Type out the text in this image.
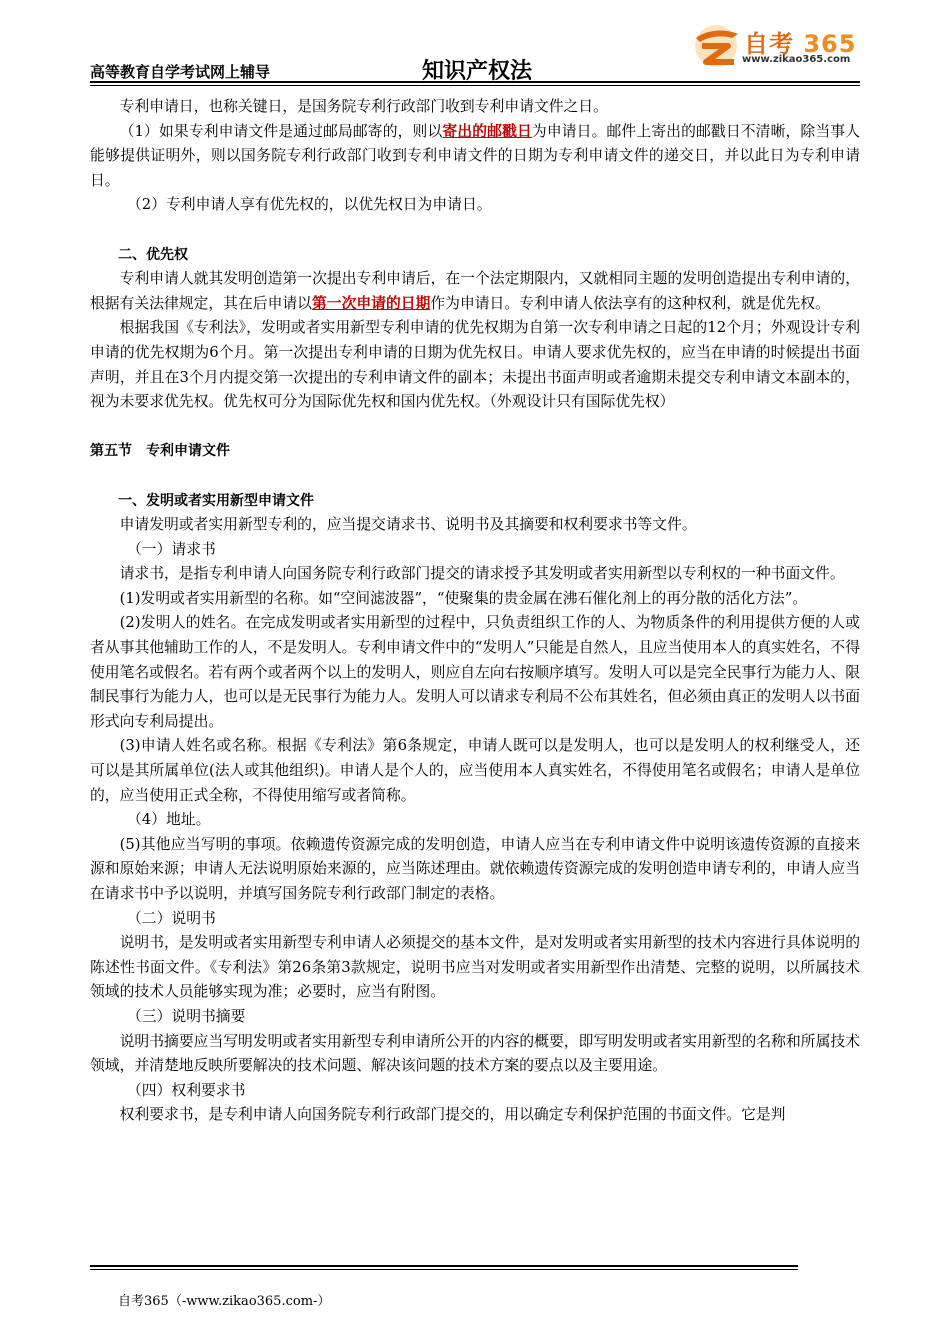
高等教育自学考试网上辅导	知识产权法
自考 365
www.zikao365.com

专利申请日，也称关键日，是国务院专利行政部门收到专利申请文件之日。

（1）如果专利申请文件是通过邮局邮寄的，则以寄出的邮戳日为申请日。邮件上寄出的邮戳日不清晰，除当事人能够提供证明外，则以国务院专利行政部门收到专利申请文件的日期为专利申请文件的递交日，并以此日为专利申请日。

（2）专利申请人享有优先权的，以优先权日为申请日。

二、优先权

专利申请人就其发明创造第一次提出专利申请后，在一个法定期限内，又就相同主题的发明创造提出专利申请的，根据有关法律规定，其在后申请以第一次申请的日期作为申请日。专利申请人依法享有的这种权利，就是优先权。

根据我国《专利法》，发明或者实用新型专利申请的优先权期为自第一次专利申请之日起的12个月；外观设计专利申请的优先权期为6个月。第一次提出专利申请的日期为优先权日。申请人要求优先权的，应当在申请的时候提出书面声明，并且在3个月内提交第一次提出的专利申请文件的副本；未提出书面声明或者逾期未提交专利申请文本副本的，视为未要求优先权。优先权可分为国际优先权和国内优先权。（外观设计只有国际优先权）

第五节　专利申请文件

一、发明或者实用新型申请文件

申请发明或者实用新型专利的，应当提交请求书、说明书及其摘要和权利要求书等文件。

（一）请求书

请求书，是指专利申请人向国务院专利行政部门提交的请求授予其发明或者实用新型以专利权的一种书面文件。

(1)发明或者实用新型的名称。如“空间滤波器”，“使聚集的贵金属在沸石催化剂上的再分散的活化方法”。

(2)发明人的姓名。在完成发明或者实用新型的过程中，只负责组织工作的人、为物质条件的利用提供方便的人或者从事其他辅助工作的人，不是发明人。专利申请文件中的“发明人”只能是自然人，且应当使用本人的真实姓名，不得使用笔名或假名。若有两个或者两个以上的发明人，则应自左向右按顺序填写。发明人可以是完全民事行为能力人、限制民事行为能力人，也可以是无民事行为能力人。发明人可以请求专利局不公布其姓名，但必须由真正的发明人以书面形式向专利局提出。

(3)申请人姓名或名称。根据《专利法》第6条规定，申请人既可以是发明人，也可以是发明人的权利继受人，还可以是其所属单位(法人或其他组织)。申请人是个人的，应当使用本人真实姓名，不得使用笔名或假名；申请人是单位的，应当使用正式全称，不得使用缩写或者简称。

（4）地址。

(5)其他应当写明的事项。依赖遗传资源完成的发明创造，申请人应当在专利申请文件中说明该遗传资源的直接来源和原始来源；申请人无法说明原始来源的，应当陈述理由。就依赖遗传资源完成的发明创造申请专利的，申请人应当在请求书中予以说明，并填写国务院专利行政部门制定的表格。

（二）说明书

说明书，是发明或者实用新型专利申请人必须提交的基本文件，是对发明或者实用新型的技术内容进行具体说明的陈述性书面文件。《专利法》第26条第3款规定，说明书应当对发明或者实用新型作出清楚、完整的说明，以所属技术领域的技术人员能够实现为准；必要时，应当有附图。

（三）说明书摘要

说明书摘要应当写明发明或者实用新型专利申请所公开的内容的概要，即写明发明或者实用新型的名称和所属技术领域，并清楚地反映所要解决的技术问题、解决该问题的技术方案的要点以及主要用途。

（四）权利要求书

权利要求书，是专利申请人向国务院专利行政部门提交的，用以确定专利保护范围的书面文件。它是判

自考365（-www.zikao365.com-）
